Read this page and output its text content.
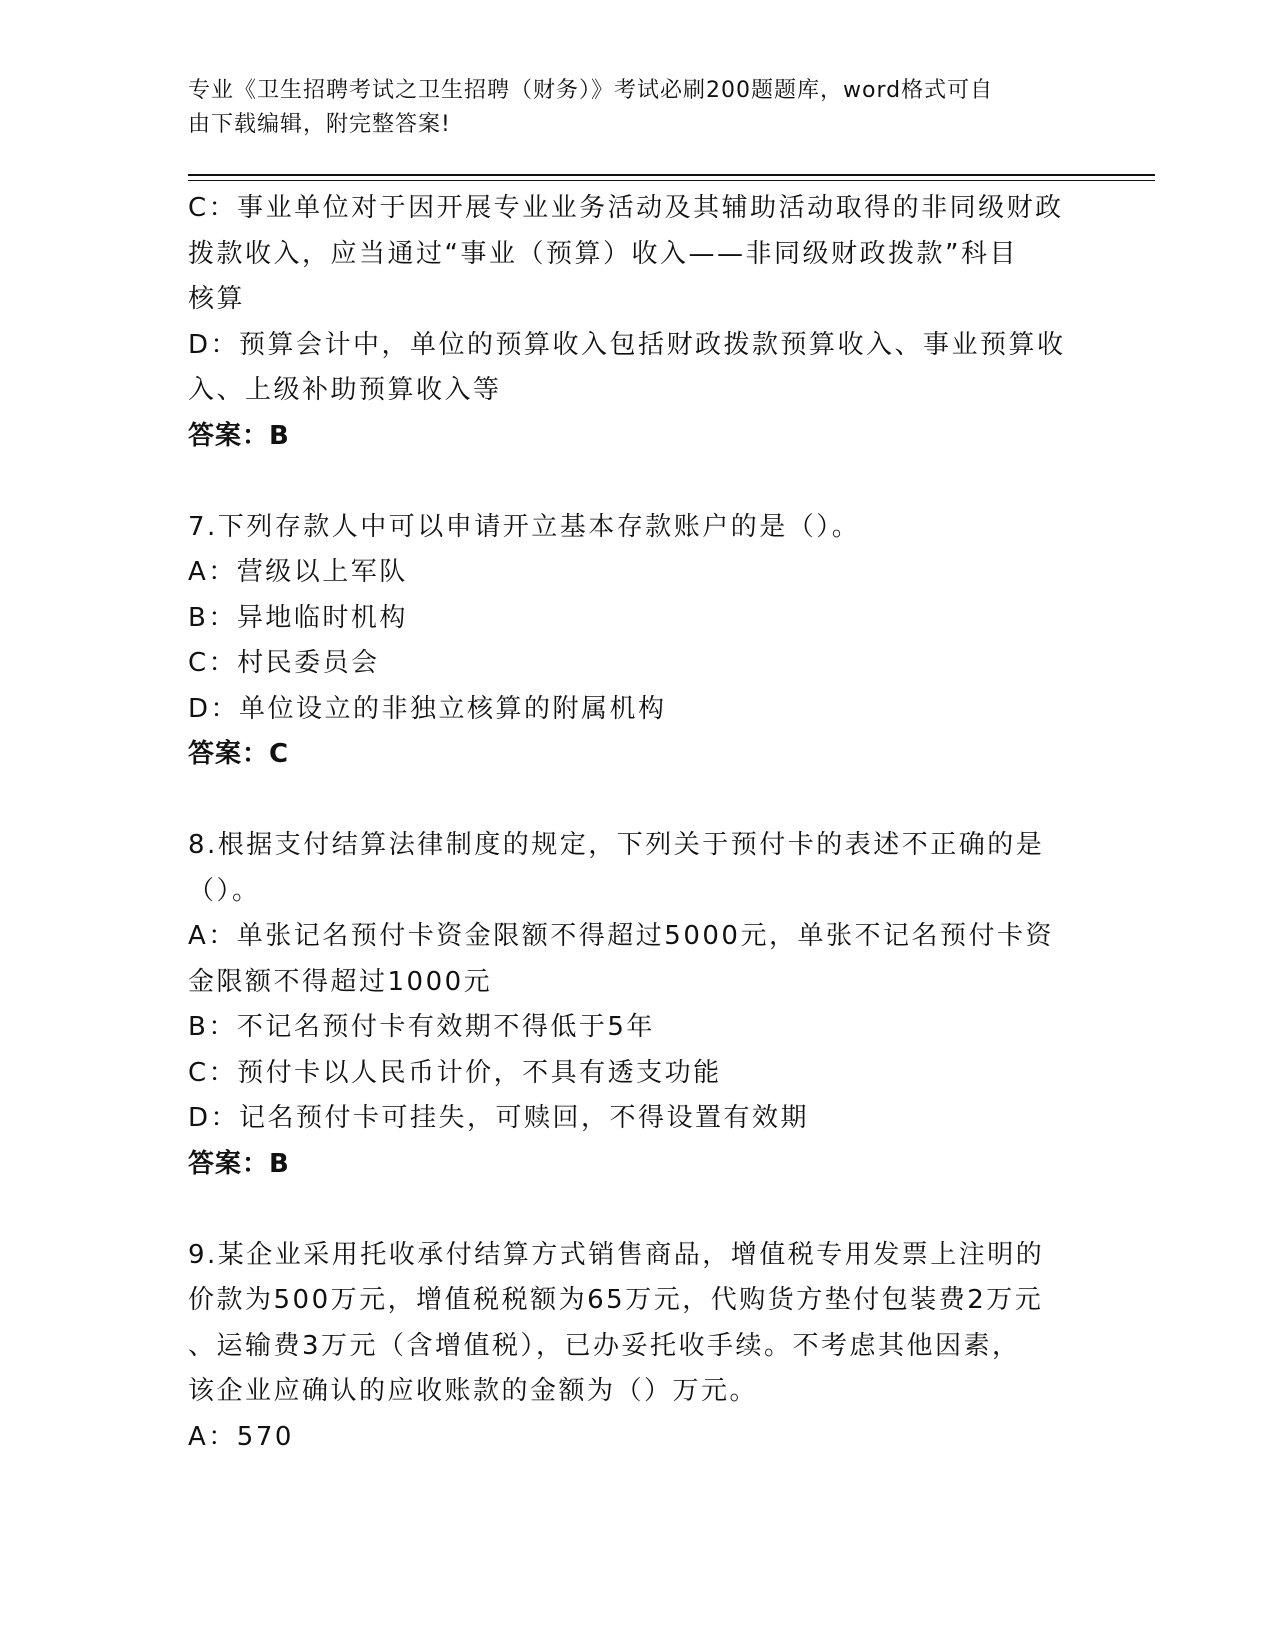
专业《卫生招聘考试之卫生招聘（财务）》考试必刷200题题库，word格式可自
由下载编辑，附完整答案!
C：事业单位对于因开展专业业务活动及其辅助活动取得的非同级财政
拨款收入，应当通过“事业（预算）收入——非同级财政拨款”科目
核算
D：预算会计中，单位的预算收入包括财政拨款预算收入、事业预算收
入、上级补助预算收入等
答案：B
7.下列存款人中可以申请开立基本存款账户的是（）。
A：营级以上军队
B：异地临时机构
C：村民委员会
D：单位设立的非独立核算的附属机构
答案：C
8.根据支付结算法律制度的规定，下列关于预付卡的表述不正确的是
（）。
A：单张记名预付卡资金限额不得超过5000元，单张不记名预付卡资
金限额不得超过1000元
B：不记名预付卡有效期不得低于5年
C：预付卡以人民币计价，不具有透支功能
D：记名预付卡可挂失，可赎回，不得设置有效期
答案：B
9.某企业采用托收承付结算方式销售商品，增值税专用发票上注明的
价款为500万元，增值税税额为65万元，代购货方垫付包装费2万元
、运输费3万元（含增值税），已办妥托收手续。不考虑其他因素，
该企业应确认的应收账款的金额为（）万元。
A：570
